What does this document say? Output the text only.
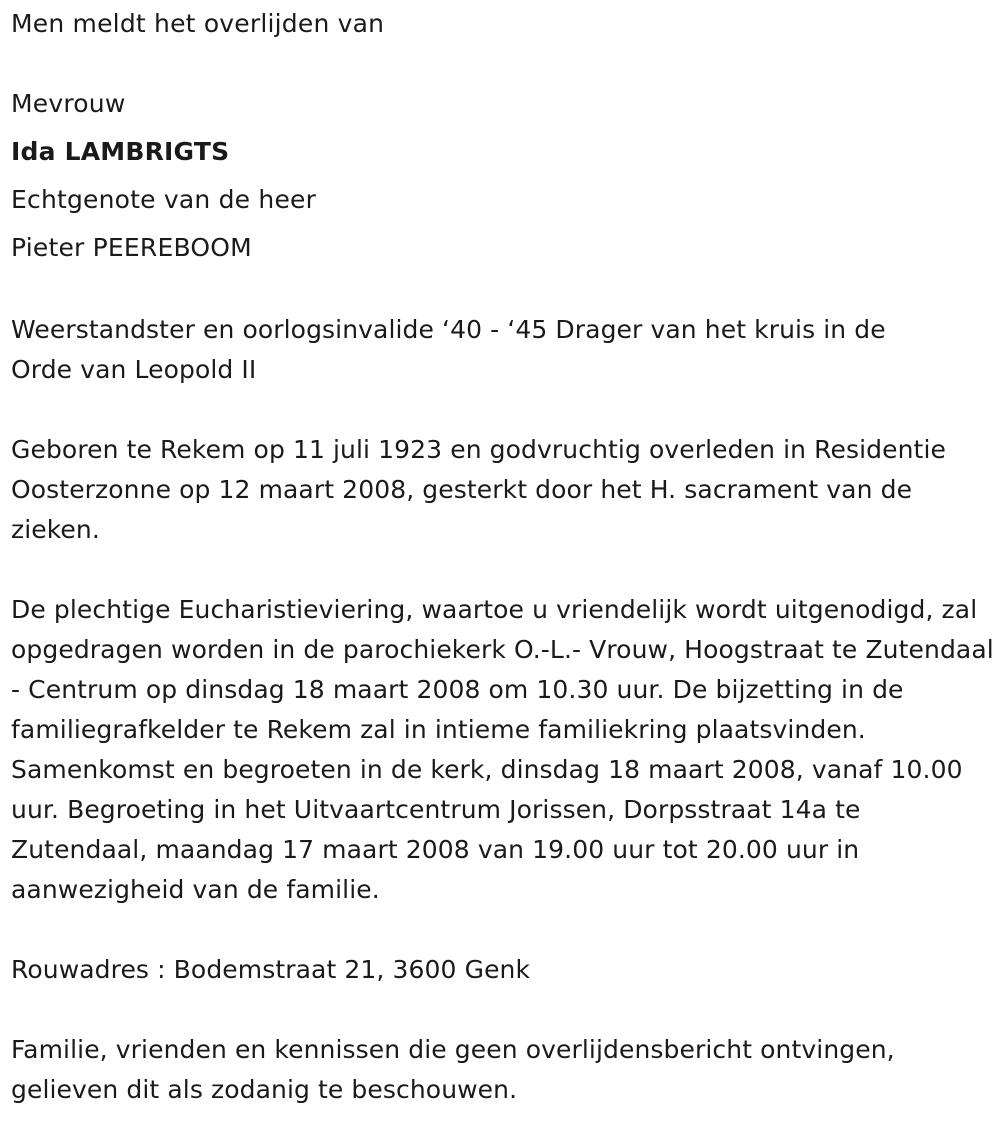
Men meldt het overlijden van
Mevrouw
Ida LAMBRIGTS
Echtgenote van de heer
Pieter PEEREBOOM
Weerstandster en oorlogsinvalide ‘40 - ‘45 Drager van het kruis in de Orde van Leopold II
Geboren te Rekem op 11 juli 1923 en godvruchtig overleden in Residentie Oosterzonne op 12 maart 2008, gesterkt door het H. sacrament van de zieken.
De plechtige Eucharistieviering, waartoe u vriendelijk wordt uitgenodigd, zal opgedragen worden in de parochiekerk O.-L.- Vrouw, Hoogstraat te Zutendaal - Centrum op dinsdag 18 maart 2008 om 10.30 uur. De bijzetting in de familiegrafkelder te Rekem zal in intieme familiekring plaatsvinden. Samenkomst en begroeten in de kerk, dinsdag 18 maart 2008, vanaf 10.00 uur. Begroeting in het Uitvaartcentrum Jorissen, Dorpsstraat 14a te Zutendaal, maandag 17 maart 2008 van 19.00 uur tot 20.00 uur in aanwezigheid van de familie.
Rouwadres : Bodemstraat 21, 3600 Genk
Familie, vrienden en kennissen die geen overlijdensbericht ontvingen, gelieven dit als zodanig te beschouwen.
